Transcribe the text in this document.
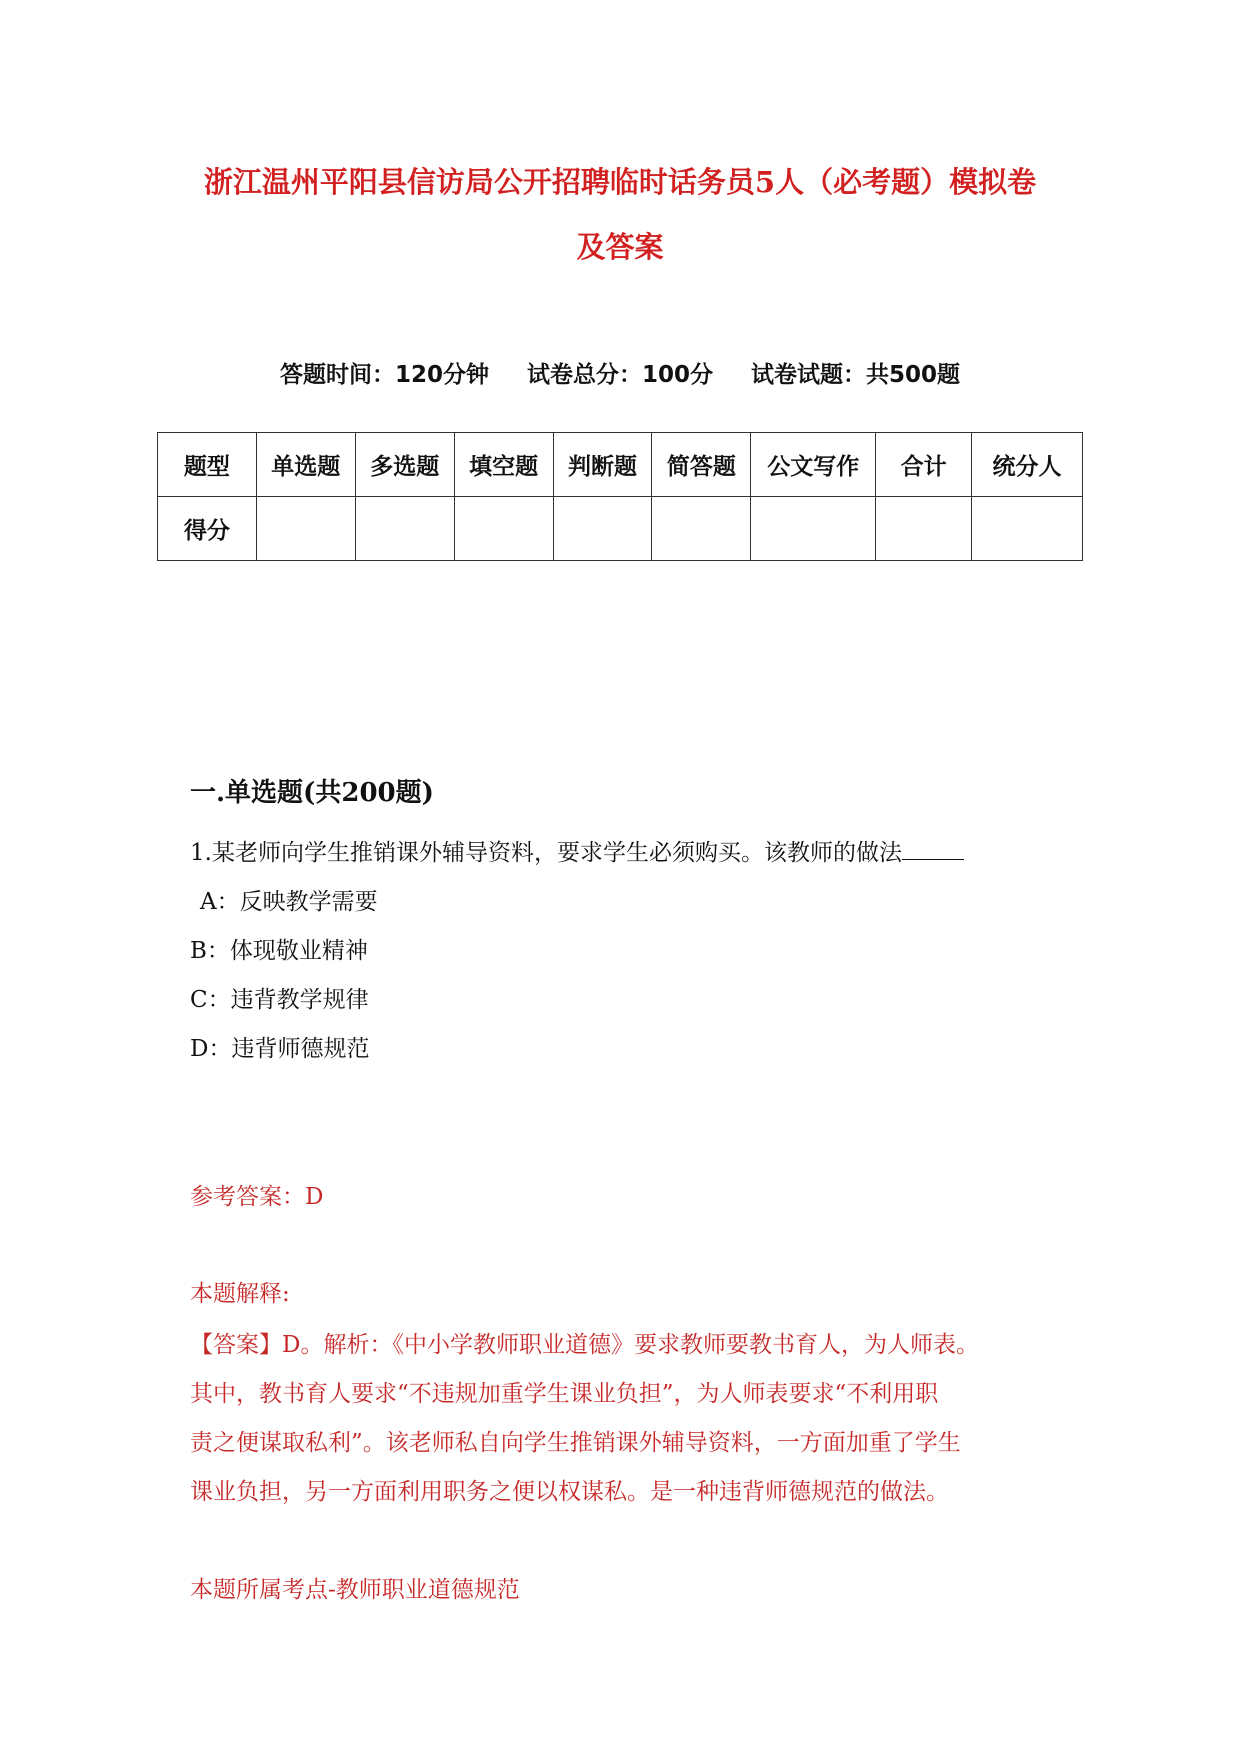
浙江温州平阳县信访局公开招聘临时话务员5人（必考题）模拟卷
及答案
答题时间：120分钟 试卷总分：100分 试卷试题：共500题
题型	单选题	多选题	填空题	判断题	简答题	公文写作	合计	统分人
得分								
一.单选题(共200题)
1.某老师向学生推销课外辅导资料，要求学生必须购买。该教师的做法
A：反映教学需要
B：体现敬业精神
C：违背教学规律
D：违背师德规范
参考答案：D
本题解释:
【答案】D。解析：《中小学教师职业道德》要求教师要教书育人，为人师表。
其中，教书育人要求“不违规加重学生课业负担”，为人师表要求“不利用职
责之便谋取私利”。该老师私自向学生推销课外辅导资料，一方面加重了学生
课业负担，另一方面利用职务之便以权谋私。是一种违背师德规范的做法。
本题所属考点-教师职业道德规范
